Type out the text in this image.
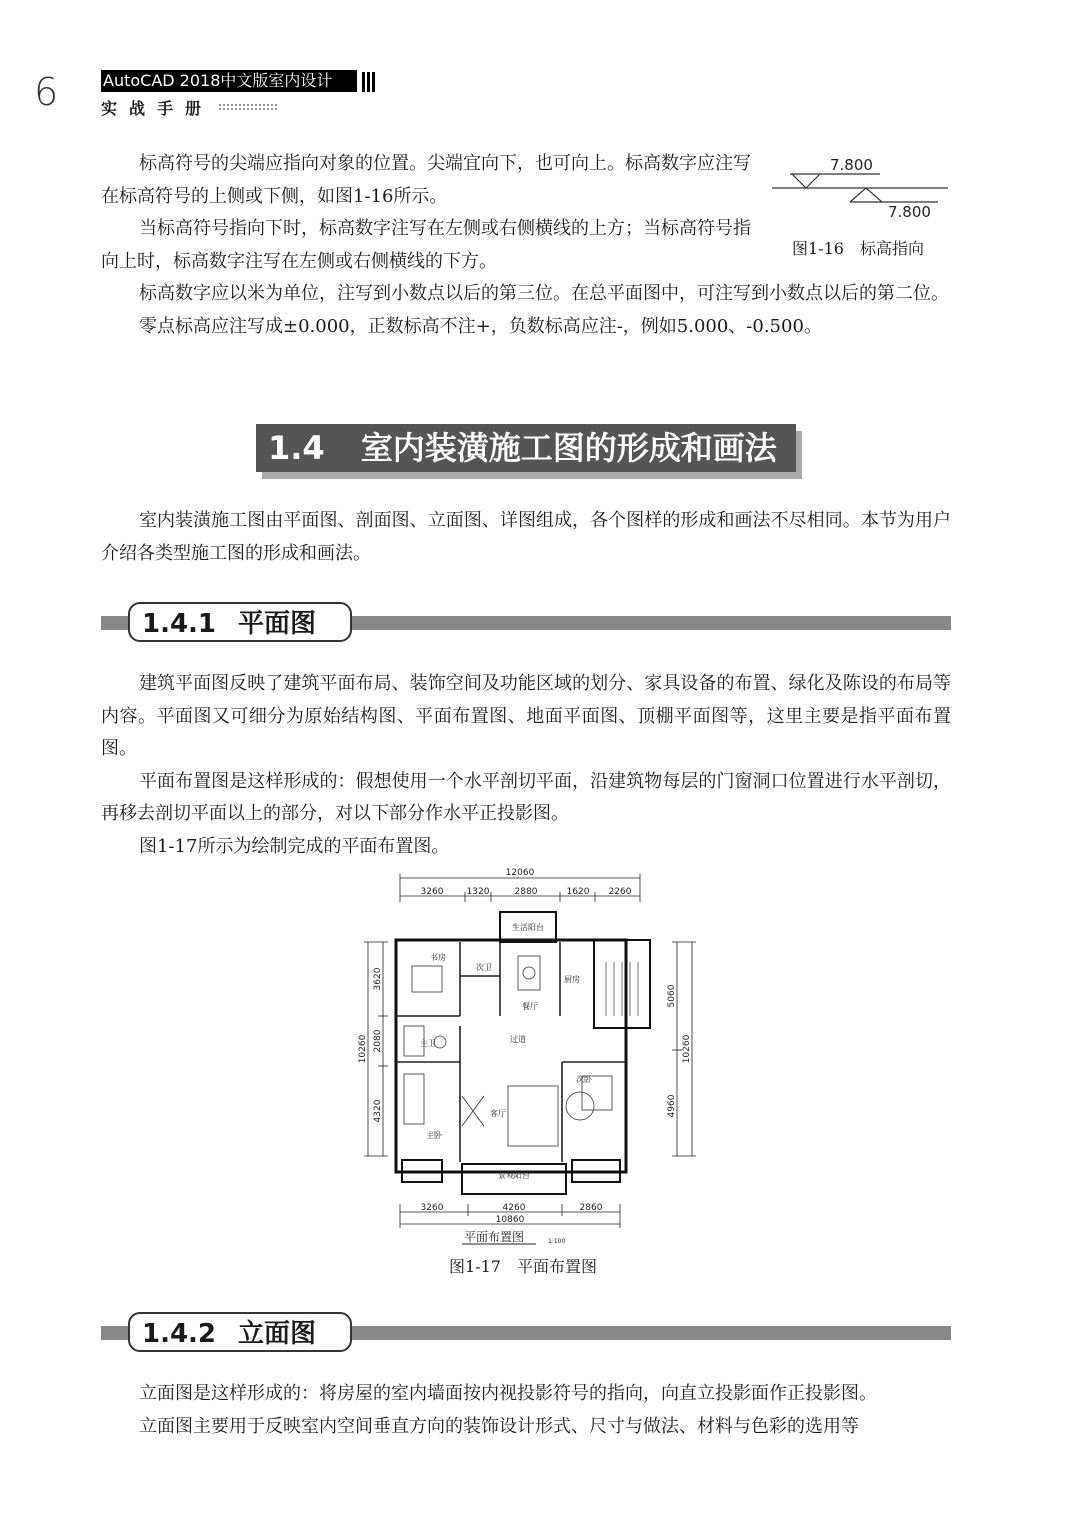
6	AutoCAD 2018中文版室内设计
实战手册

标高符号的尖端应指向对象的位置。尖端宜向下，也可向上。标高数字应注写在标高符号的上侧或下侧，如图1-16所示。

当标高符号指向下时，标高数字注写在左侧或右侧横线的上方；当标高符号指向上时，标高数字注写在左侧或右侧横线的下方。

7.800
7.800
图1-16　标高指向

标高数字应以米为单位，注写到小数点以后的第三位。在总平面图中，可注写到小数点以后的第二位。

零点标高应注写成±0.000，正数标高不注+，负数标高应注-，例如5.000、-0.500。

1.4 室内装潢施工图的形成和画法

室内装潢施工图由平面图、剖面图、立面图、详图组成，各个图样的形成和画法不尽相同。本节为用户介绍各类型施工图的形成和画法。

1.4.1 平面图

建筑平面图反映了建筑平面布局、装饰空间及功能区域的划分、家具设备的布置、绿化及陈设的布局等内容。平面图又可细分为原始结构图、平面布置图、地面平面图、顶棚平面图等，这里主要是指平面布置图。

平面布置图是这样形成的：假想使用一个水平剖切平面，沿建筑物每层的门窗洞口位置进行水平剖切，再移去剖切平面以上的部分，对以下部分作水平正投影图。

图1-17所示为绘制完成的平面布置图。

生活阳台
书房
次卫
厨房
餐厅
主卫	过道
次卧
客厅
主卧
景观阳台
12060
3260	1320	2880	1620 2260
3260	4260	2860
10860
3620
2080
4320
10260
5060
4960
10260
平面布置图	1:100
图1-17　平面布置图
1.4.2 立面图

立面图是这样形成的：将房屋的室内墙面按内视投影符号的指向，向直立投影面作正投影图。

立面图主要用于反映室内空间垂直方向的装饰设计形式、尺寸与做法、材料与色彩的选用等
